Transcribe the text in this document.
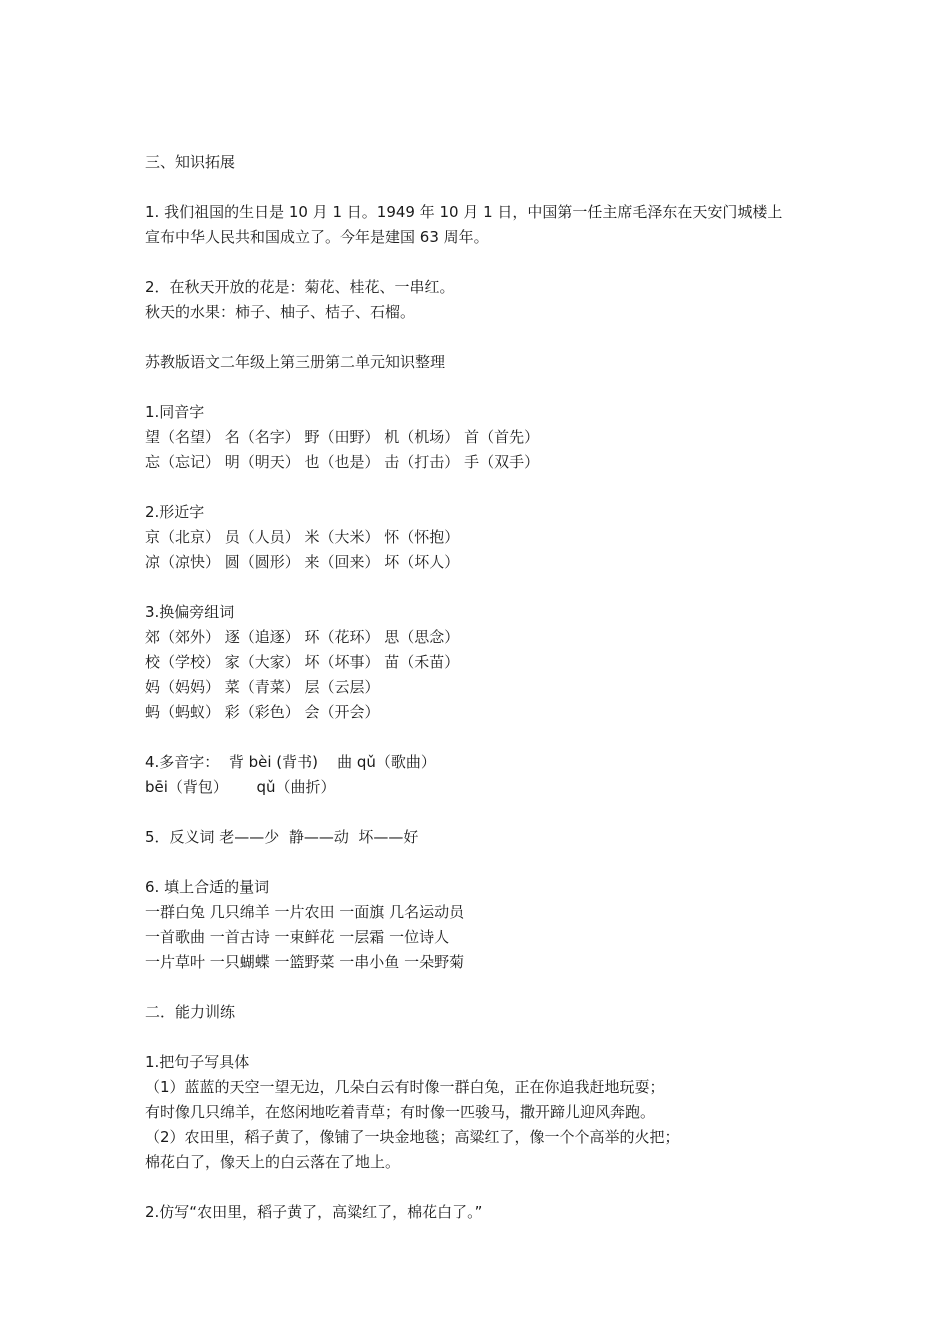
三、知识拓展
1. 我们祖国的生日是 10 月 1 日。1949 年 10 月 1 日，中国第一任主席毛泽东在天安门城楼上
宣布中华人民共和国成立了。今年是建国 63 周年。
2．在秋天开放的花是：菊花、桂花、一串红。
秋天的水果：柿子、柚子、桔子、石榴。
苏教版语文二年级上第三册第二单元知识整理
1.同音字
望（名望） 名（名字） 野（田野） 机（机场） 首（首先）
忘（忘记） 明（明天） 也（也是） 击（打击） 手（双手）
2.形近字
京（北京） 员（人员） 米（大米） 怀（怀抱）
凉（凉快） 圆（圆形） 来（回来） 坏（坏人）
3.换偏旁组词
郊（郊外） 逐（追逐） 环（花环） 思（思念）
校（学校） 家（大家） 坏（坏事） 苗（禾苗）
妈（妈妈） 菜（青菜） 层（云层）
蚂（蚂蚁） 彩（彩色） 会（开会）
4.多音字：  背 bèi (背书)    曲 qǔ（歌曲）
bēi（背包）      qǔ（曲折）
5．反义词 老——少  静——动  坏——好
6. 填上合适的量词
一群白兔 几只绵羊 一片农田 一面旗 几名运动员
一首歌曲 一首古诗 一束鲜花 一层霜 一位诗人
一片草叶 一只蝴蝶 一篮野菜 一串小鱼 一朵野菊
二．能力训练
1.把句子写具体
（1）蓝蓝的天空一望无边，几朵白云有时像一群白兔，正在你追我赶地玩耍；
有时像几只绵羊，在悠闲地吃着青草；有时像一匹骏马，撒开蹄儿迎风奔跑。
（2）农田里，稻子黄了，像铺了一块金地毯；高粱红了，像一个个高举的火把；
棉花白了，像天上的白云落在了地上。
2.仿写“农田里，稻子黄了，高粱红了，棉花白了。”
